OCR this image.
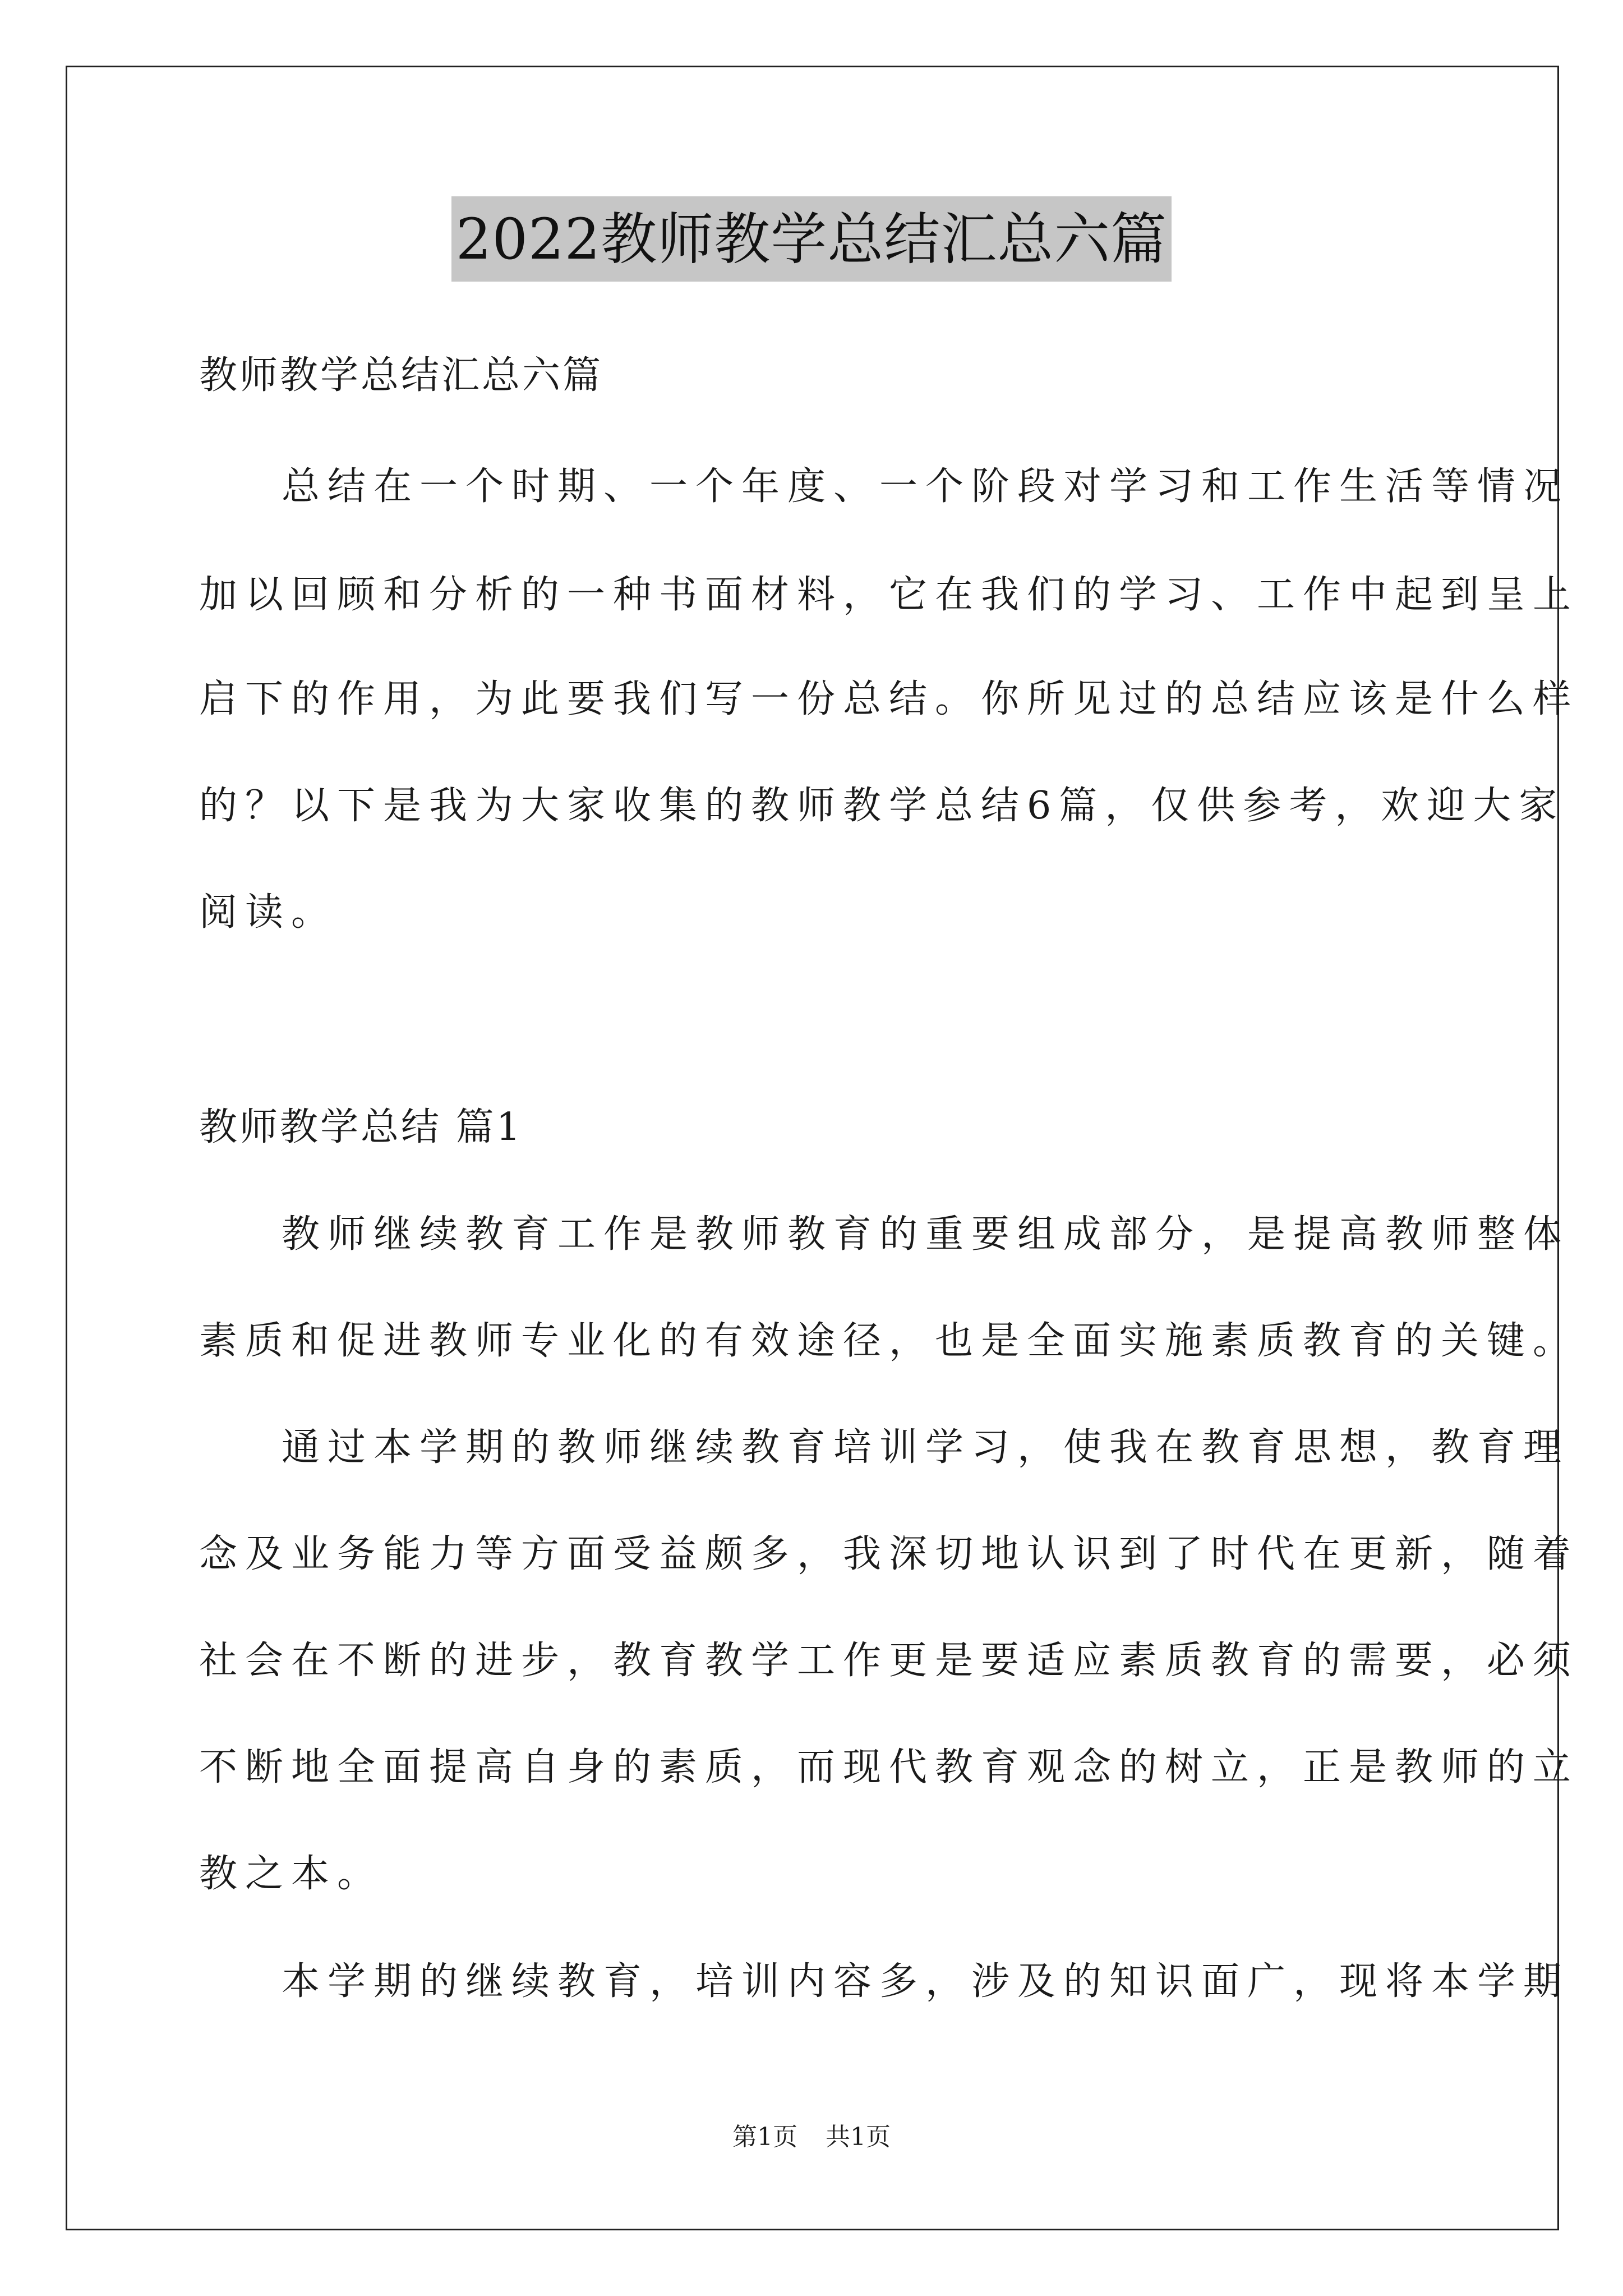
2022教师教学总结汇总六篇
教师教学总结汇总六篇
总结在一个时期、一个年度、一个阶段对学习和工作生活等情况
加以回顾和分析的一种书面材料，它在我们的学习、工作中起到呈上
启下的作用，为此要我们写一份总结。你所见过的总结应该是什么样
的？以下是我为大家收集的教师教学总结6篇，仅供参考，欢迎大家
阅读。
教师教学总结 篇1
教师继续教育工作是教师教育的重要组成部分，是提高教师整体
素质和促进教师专业化的有效途径，也是全面实施素质教育的关键。
通过本学期的教师继续教育培训学习，使我在教育思想，教育理
念及业务能力等方面受益颇多，我深切地认识到了时代在更新，随着
社会在不断的进步，教育教学工作更是要适应素质教育的需要，必须
不断地全面提高自身的素质，而现代教育观念的树立，正是教师的立
教之本。
本学期的继续教育，培训内容多，涉及的知识面广，现将本学期
第1页 共1页
